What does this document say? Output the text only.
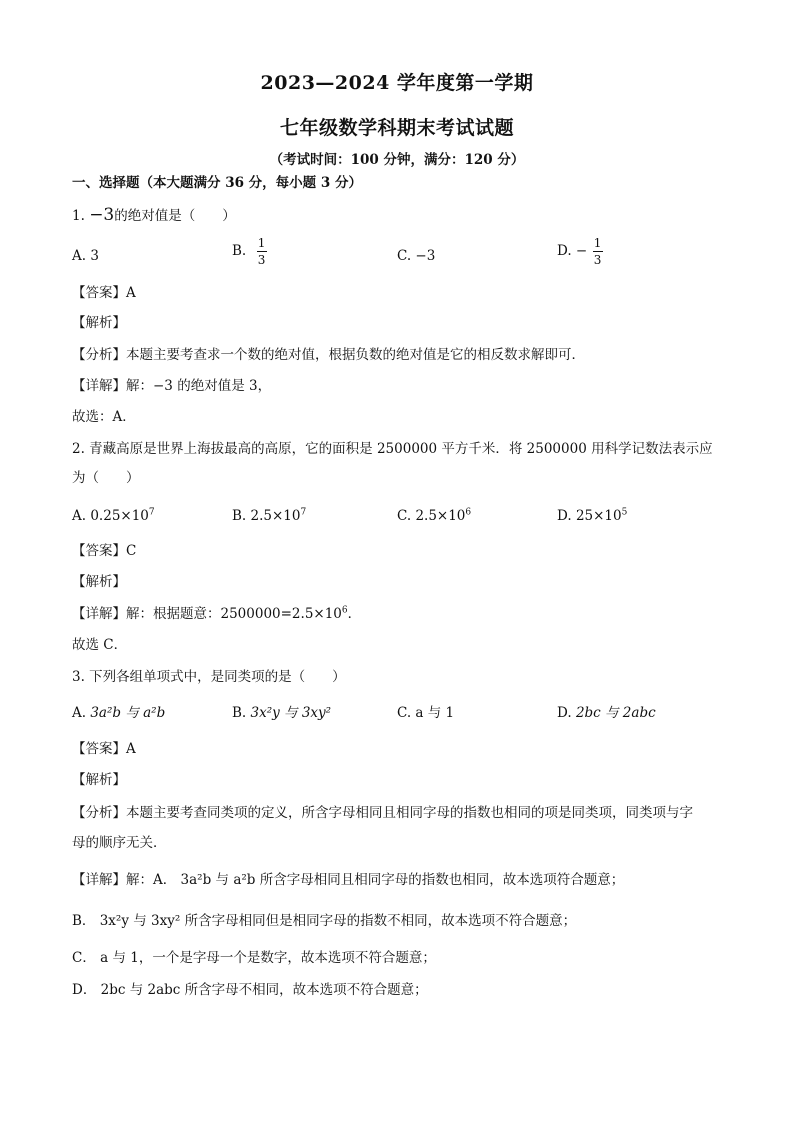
2023—2024 学年度第一学期
七年级数学科期末考试试题
（考试时间：100 分钟，满分：120 分）
一、选择题（本大题满分 36 分，每小题 3 分）
1. −3的绝对值是（　　）
A. 3	B. $\frac{1}{3}$	C. −3	D. − $\frac{1}{3}$
【答案】A
【解析】
【分析】本题主要考查求一个数的绝对值，根据负数的绝对值是它的相反数求解即可．
【详解】解：−3 的绝对值是 3，
故选：A．
2. 青藏高原是世界上海拔最高的高原，它的面积是 2500000 平方千米．将 2500000 用科学记数法表示应
为（　　）
A. $0.25\times 10^7$	B. $2.5\times 10^7$	C. $2.5\times 10^6$	D. $25\times 10^5$
【答案】C
【解析】
【详解】解：根据题意：$2500000=2.5\times 10^6$．
故选 C．
3. 下列各组单项式中，是同类项的是（　　）
A. 3a²b 与 a²b	B. 3x²y 与 3xy²	C. a 与 1	D. 2bc 与 2abc
【答案】A
【解析】
【分析】本题主要考查同类项的定义，所含字母相同且相同字母的指数也相同的项是同类项，同类项与字
母的顺序无关．
【详解】解：A． 3a²b 与 a²b 所含字母相同且相同字母的指数也相同，故本选项符合题意；
B． 3x²y 与 3xy² 所含字母相同但是相同字母的指数不相同，故本选项不符合题意；
C． a 与 1，一个是字母一个是数字，故本选项不符合题意；
D． 2bc 与 2abc 所含字母不相同，故本选项不符合题意；
